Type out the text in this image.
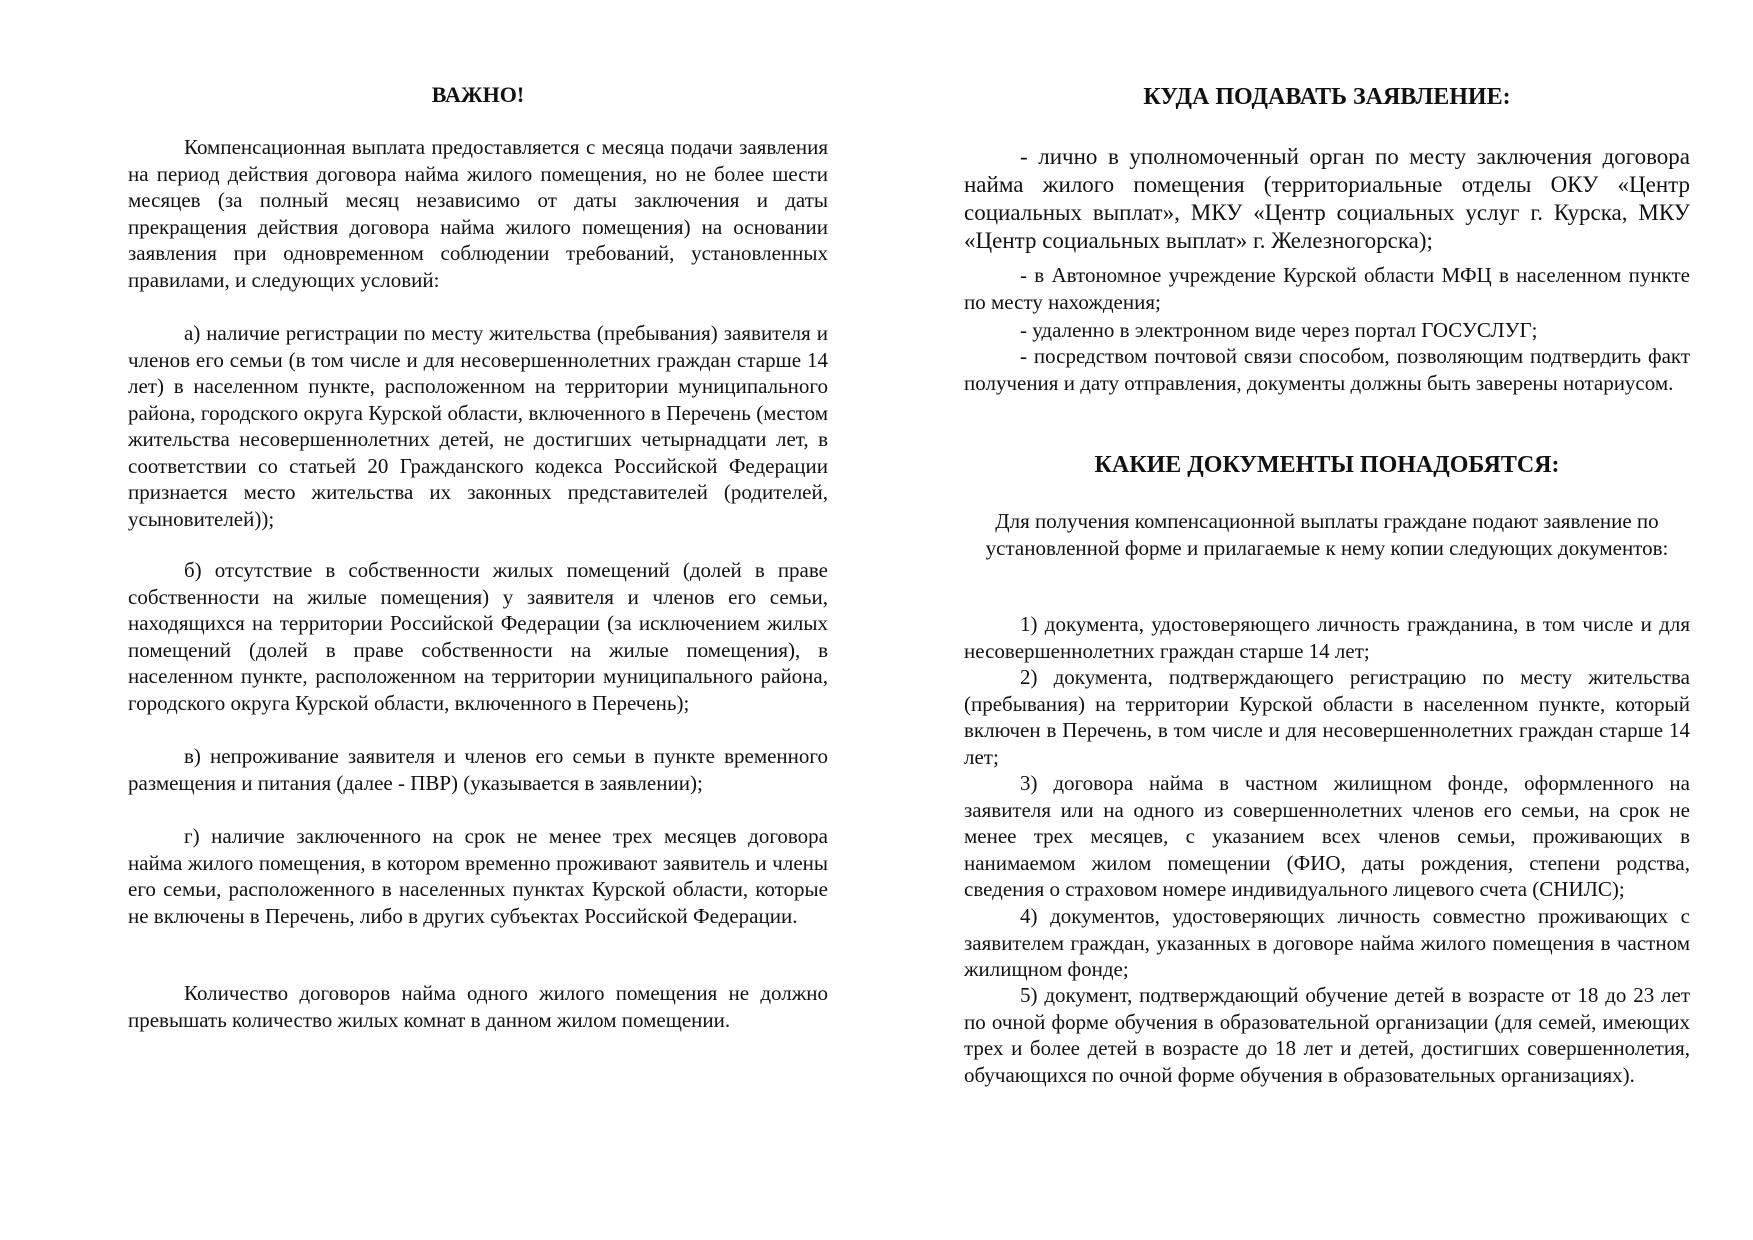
ВАЖНО!

Компенсационная выплата предоставляется с месяца подачи заявления на период действия договора найма жилого помещения, но не более шести месяцев (за полный месяц независимо от даты заключения и даты прекращения действия договора найма жилого помещения) на основании заявления при одновременном соблюдении требований, установленных правилами, и следующих условий:

а) наличие регистрации по месту жительства (пребывания) заявителя и членов его семьи (в том числе и для несовершеннолетних граждан старше 14 лет) в населенном пункте, расположенном на территории муниципального района, городского округа Курской области, включенного в Перечень (местом жительства несовершеннолетних детей, не достигших четырнадцати лет, в соответствии со статьей 20 Гражданского кодекса Российской Федерации признается место жительства их законных представителей (родителей, усыновителей));

б) отсутствие в собственности жилых помещений (долей в праве собственности на жилые помещения) у заявителя и членов его семьи, находящихся на территории Российской Федерации (за исключением жилых помещений (долей в праве собственности на жилые помещения), в населенном пункте, расположенном на территории муниципального района, городского округа Курской области, включенного в Перечень);

в) непроживание заявителя и членов его семьи в пункте временного размещения и питания (далее - ПВР) (указывается в заявлении);

г) наличие заключенного на срок не менее трех месяцев договора найма жилого помещения, в котором временно проживают заявитель и члены его семьи, расположенного в населенных пунктах Курской области, которые не включены в Перечень, либо в других субъектах Российской Федерации.

Количество договоров найма одного жилого помещения не должно превышать количество жилых комнат в данном жилом помещении.

КУДА ПОДАВАТЬ ЗАЯВЛЕНИЕ:

- лично в уполномоченный орган по месту заключения договора найма жилого помещения (территориальные отделы ОКУ «Центр социальных выплат», МКУ «Центр социальных услуг г. Курска, МКУ «Центр социальных выплат» г. Железногорска);

- в Автономное учреждение Курской области МФЦ в населенном пункте по месту нахождения;

- удаленно в электронном виде через портал ГОСУСЛУГ;

- посредством почтовой связи способом, позволяющим подтвердить факт получения и дату отправления, документы должны быть заверены нотариусом.

КАКИЕ ДОКУМЕНТЫ ПОНАДОБЯТСЯ:

Для получения компенсационной выплаты граждане подают заявление по установленной форме и прилагаемые к нему копии следующих документов:

1) документа, удостоверяющего личность гражданина, в том числе и для несовершеннолетних граждан старше 14 лет;

2) документа, подтверждающего регистрацию по месту жительства (пребывания) на территории Курской области в населенном пункте, который включен в Перечень, в том числе и для несовершеннолетних граждан старше 14 лет;

3) договора найма в частном жилищном фонде, оформленного на заявителя или на одного из совершеннолетних членов его семьи, на срок не менее трех месяцев, с указанием всех членов семьи, проживающих в нанимаемом жилом помещении (ФИО, даты рождения, степени родства, сведения о страховом номере индивидуального лицевого счета (СНИЛС);

4) документов, удостоверяющих личность совместно проживающих с заявителем граждан, указанных в договоре найма жилого помещения в частном жилищном фонде;

5) документ, подтверждающий обучение детей в возрасте от 18 до 23 лет по очной форме обучения в образовательной организации (для семей, имеющих трех и более детей в возрасте до 18 лет и детей, достигших совершеннолетия, обучающихся по очной форме обучения в образовательных организациях).
